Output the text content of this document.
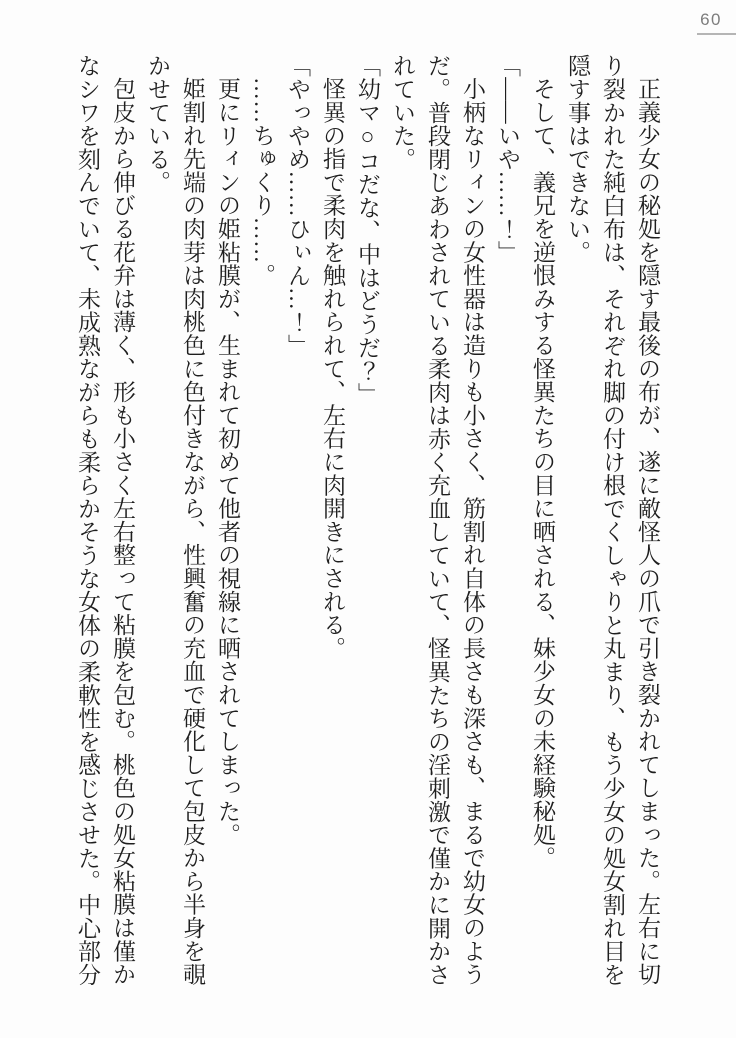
60

正義少女の秘処を隠す最後の布が、遂に敵怪人の爪で引き裂かれてしまった。左右に切り裂かれた純白布は、それぞれ脚の付け根でくしゃりと丸まり、もう少女の処女割れ目を隠す事はできない。

そして、義兄を逆恨みする怪異たちの目に晒される、妹少女の未経験秘処。

「――いや……！」

小柄なリィンの女性器は造りも小さく、筋割れ自体の長さも深さも、まるで幼女のようだ。普段閉じあわされている柔肉は赤く充血していて、怪異たちの淫刺激で僅かに開かされていた。

「幼マ○コだな、中はどうだ？」

怪異の指で柔肉を触れられて、左右に肉開きにされる。

「やっやめ……ひぃん…！」

……ちゅくり……。

更にリィンの姫粘膜が、生まれて初めて他者の視線に晒されてしまった。

姫割れ先端の肉芽は肉桃色に色付きながら、性興奮の充血で硬化して包皮から半身を覗かせている。

包皮から伸びる花弁は薄く、形も小さく左右整って粘膜を包む。桃色の処女粘膜は僅かなシワを刻んでいて、未成熟ながらも柔らかそうな女体の柔軟性を感じさせた。中心部分
